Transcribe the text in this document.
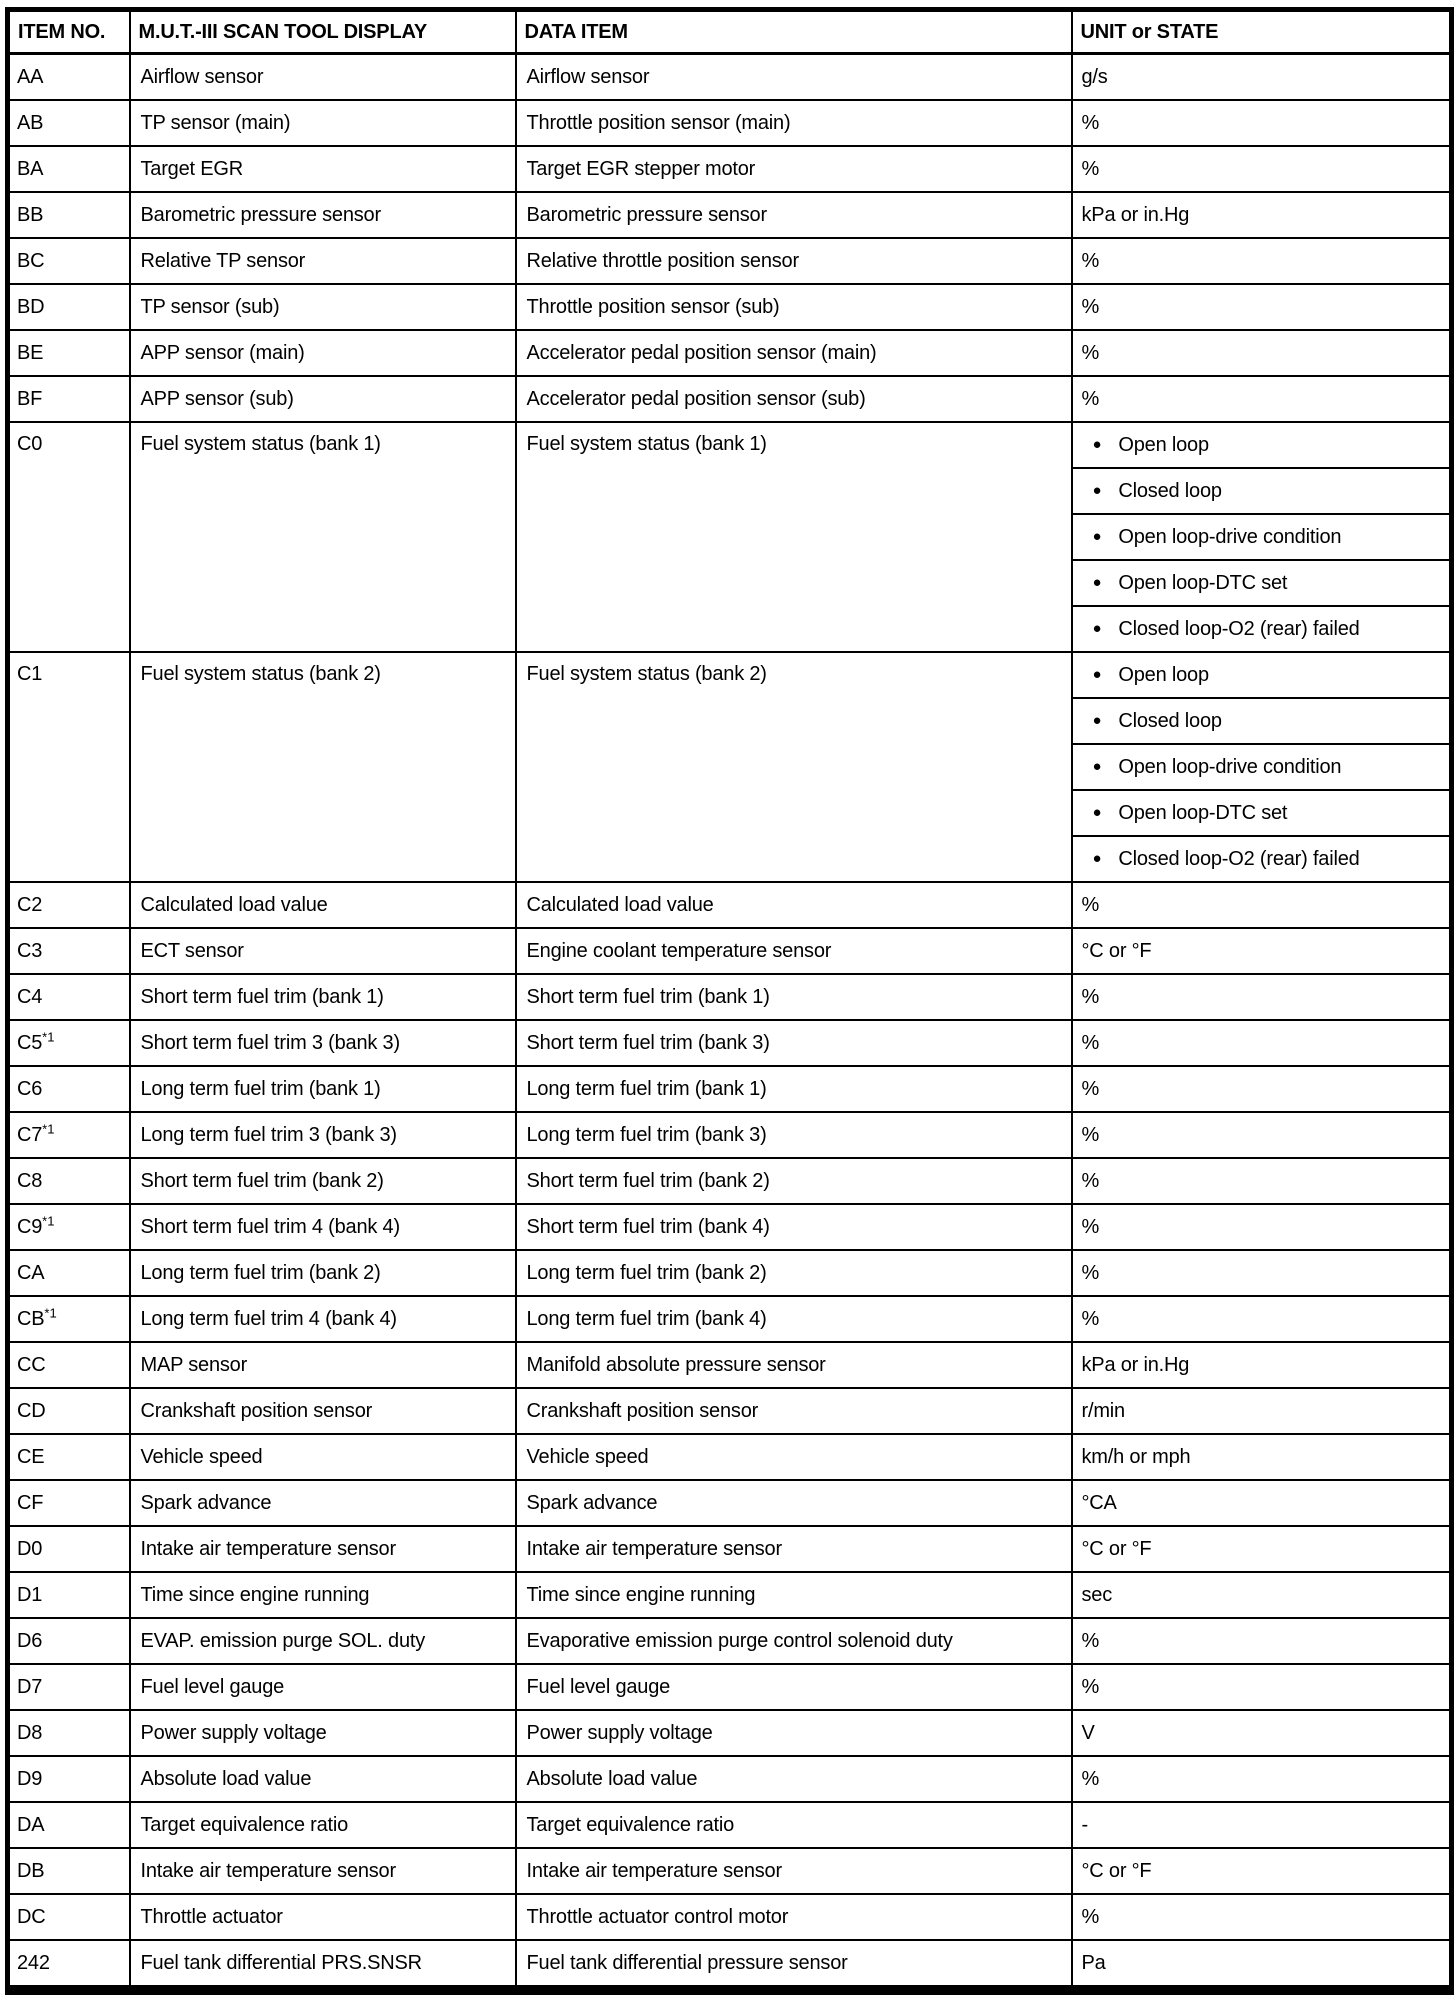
ITEM NO.	M.U.T.-III SCAN TOOL DISPLAY	DATA ITEM	UNIT or STATE
AA	Airflow sensor	Airflow sensor	g/s
AB	TP sensor (main)	Throttle position sensor (main)	%
BA	Target EGR	Target EGR stepper motor	%
BB	Barometric pressure sensor	Barometric pressure sensor	kPa or in.Hg
BC	Relative TP sensor	Relative throttle position sensor	%
BD	TP sensor (sub)	Throttle position sensor (sub)	%
BE	APP sensor (main)	Accelerator pedal position sensor (main)	%
BF	APP sensor (sub)	Accelerator pedal position sensor (sub)	%
C0	Fuel system status (bank 1)	Fuel system status (bank 1)	● Open loop
			● Closed loop
			● Open loop-drive condition
			● Open loop-DTC set
			● Closed loop-O2 (rear) failed
C1	Fuel system status (bank 2)	Fuel system status (bank 2)	● Open loop
			● Closed loop
			● Open loop-drive condition
			● Open loop-DTC set
			● Closed loop-O2 (rear) failed
C2	Calculated load value	Calculated load value	%
C3	ECT sensor	Engine coolant temperature sensor	°C or °F
C4	Short term fuel trim (bank 1)	Short term fuel trim (bank 1)	%
C5$^{*1}$	Short term fuel trim 3 (bank 3)	Short term fuel trim (bank 3)	%
C6	Long term fuel trim (bank 1)	Long term fuel trim (bank 1)	%
C7$^{*1}$	Long term fuel trim 3 (bank 3)	Long term fuel trim (bank 3)	%
C8	Short term fuel trim (bank 2)	Short term fuel trim (bank 2)	%
C9$^{*1}$	Short term fuel trim 4 (bank 4)	Short term fuel trim (bank 4)	%
CA	Long term fuel trim (bank 2)	Long term fuel trim (bank 2)	%
CB$^{*1}$	Long term fuel trim 4 (bank 4)	Long term fuel trim (bank 4)	%
CC	MAP sensor	Manifold absolute pressure sensor	kPa or in.Hg
CD	Crankshaft position sensor	Crankshaft position sensor	r/min
CE	Vehicle speed	Vehicle speed	km/h or mph
CF	Spark advance	Spark advance	°CA
D0	Intake air temperature sensor	Intake air temperature sensor	°C or °F
D1	Time since engine running	Time since engine running	sec
D6	EVAP. emission purge SOL. duty	Evaporative emission purge control solenoid duty	%
D7	Fuel level gauge	Fuel level gauge	%
D8	Power supply voltage	Power supply voltage	V
D9	Absolute load value	Absolute load value	%
DA	Target equivalence ratio	Target equivalence ratio	-
DB	Intake air temperature sensor	Intake air temperature sensor	°C or °F
DC	Throttle actuator	Throttle actuator control motor	%
242	Fuel tank differential PRS.SNSR	Fuel tank differential pressure sensor	Pa
